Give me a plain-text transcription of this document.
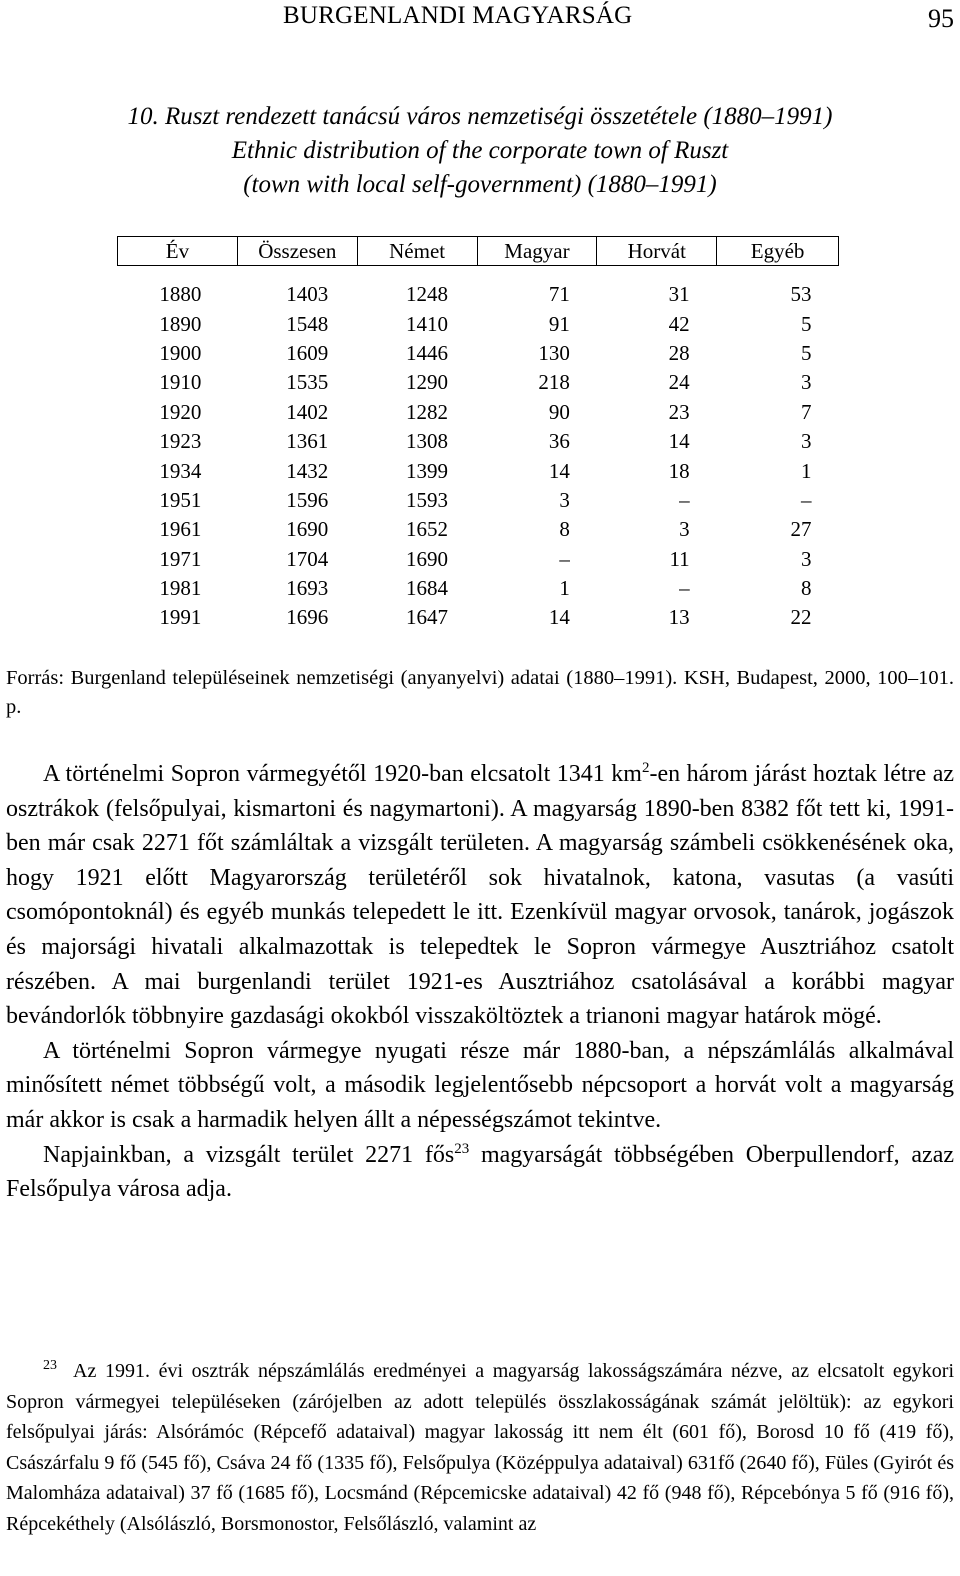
BURGENLANDI MAGYARSÁG	95
10. Ruszt rendezett tanácsú város nemzetiségi összetétele (1880–1991)
Ethnic distribution of the corporate town of Ruszt
(town with local self-government) (1880–1991)
Év	Összesen	Német	Magyar	Horvát	Egyéb
1880	1403	1248	71	31	53
1890	1548	1410	91	42	5
1900	1609	1446	130	28	5
1910	1535	1290	218	24	3
1920	1402	1282	90	23	7
1923	1361	1308	36	14	3
1934	1432	1399	14	18	1
1951	1596	1593	3	–	–
1961	1690	1652	8	3	27
1971	1704	1690	–	11	3
1981	1693	1684	1	–	8
1991	1696	1647	14	13	22
Forrás: Burgenland településeinek nemzetiségi (anyanyelvi) adatai (1880–1991). KSH, Budapest, 2000, 100–101. p.

A történelmi Sopron vármegyétől 1920-ban elcsatolt 1341 km$^2$-en három járást hoztak létre az osztrákok (felsőpulyai, kismartoni és nagymartoni). A magyarság 1890-ben 8382 főt tett ki, 1991-ben már csak 2271 főt számláltak a vizsgált területen. A magyarság számbeli csökkenésének oka, hogy 1921 előtt Magyarország területéről sok hivatalnok, katona, vasutas (a vasúti csomópontoknál) és egyéb munkás telepedett le itt. Ezenkívül magyar orvosok, tanárok, jogászok és majorsági hivatali alkalmazottak is telepedtek le Sopron vármegye Ausztriához csatolt részében. A mai burgenlandi terület 1921-es Ausztriához csatolásával a korábbi magyar bevándorlók többnyire gazdasági okokból visszaköltöztek a trianoni magyar határok mögé.

A történelmi Sopron vármegye nyugati része már 1880-ban, a népszámlálás alkalmával minősített német többségű volt, a második legjelentősebb népcsoport a horvát volt a magyarság már akkor is csak a harmadik helyen állt a népességszámot tekintve.

Napjainkban, a vizsgált terület 2271 fős$^{23}$ magyarságát többségében Oberpullendorf, azaz Felsőpulya városa adja.

$^{23}$ Az 1991. évi osztrák népszámlálás eredményei a magyarság lakosságszámára nézve, az elcsatolt egykori Sopron vármegyei településeken (zárójelben az adott település összlakosságának számát jelöltük): az egykori felsőpulyai járás: Alsórámóc (Répcefő adataival) magyar lakosság itt nem élt (601 fő), Borosd 10 fő (419 fő), Császárfalu 9 fő (545 fő), Csáva 24 fő (1335 fő), Felsőpulya (Középpulya adataival) 631fő (2640 fő), Füles (Gyirót és Malomháza adataival) 37 fő (1685 fő), Locsmánd (Répcemicske adataival) 42 fő (948 fő), Répcebónya 5 fő (916 fő), Répcekéthely (Alsólászló, Borsmonostor, Felsőlászló, valamint az
